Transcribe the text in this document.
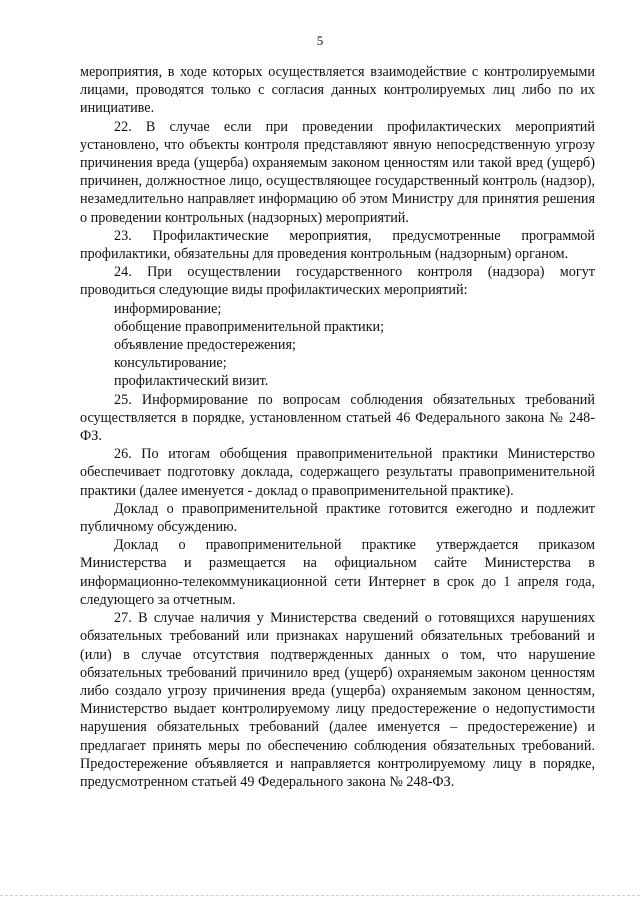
5

мероприятия, в ходе которых осуществляется взаимодействие с контролируемыми лицами, проводятся только с согласия данных контролируемых лиц либо по их инициативе.

22. В случае если при проведении профилактических мероприятий установлено, что объекты контроля представляют явную непосредственную угрозу причинения вреда (ущерба) охраняемым законом ценностям или такой вред (ущерб) причинен, должностное лицо, осуществляющее государственный контроль (надзор), незамедлительно направляет информацию об этом Министру для принятия решения о проведении контрольных (надзорных) мероприятий.

23. Профилактические мероприятия, предусмотренные программой профилактики, обязательны для проведения контрольным (надзорным) органом.

24. При осуществлении государственного контроля (надзора) могут проводиться следующие виды профилактических мероприятий:

информирование;

обобщение правоприменительной практики;

объявление предостережения;

консультирование;

профилактический визит.

25. Информирование по вопросам соблюдения обязательных требований осуществляется в порядке, установленном статьей 46 Федерального закона № 248-ФЗ.

26. По итогам обобщения правоприменительной практики Министерство обеспечивает подготовку доклада, содержащего результаты правоприменительной практики (далее именуется - доклад о правоприменительной практике).

Доклад о правоприменительной практике готовится ежегодно и подлежит публичному обсуждению.

Доклад о правоприменительной практике утверждается приказом Министерства и размещается на официальном сайте Министерства в информационно-телекоммуникационной сети Интернет в срок до 1 апреля года, следующего за отчетным.

27. В случае наличия у Министерства сведений о готовящихся нарушениях обязательных требований или признаках нарушений обязательных требований и (или) в случае отсутствия подтвержденных данных о том, что нарушение обязательных требований причинило вред (ущерб) охраняемым законом ценностям либо создало угрозу причинения вреда (ущерба) охраняемым законом ценностям, Министерство выдает контролируемому лицу предостережение о недопустимости нарушения обязательных требований (далее именуется – предостережение) и предлагает принять меры по обеспечению соблюдения обязательных требований. Предостережение объявляется и направляется контролируемому лицу в порядке, предусмотренном статьей 49 Федерального закона № 248-ФЗ.
